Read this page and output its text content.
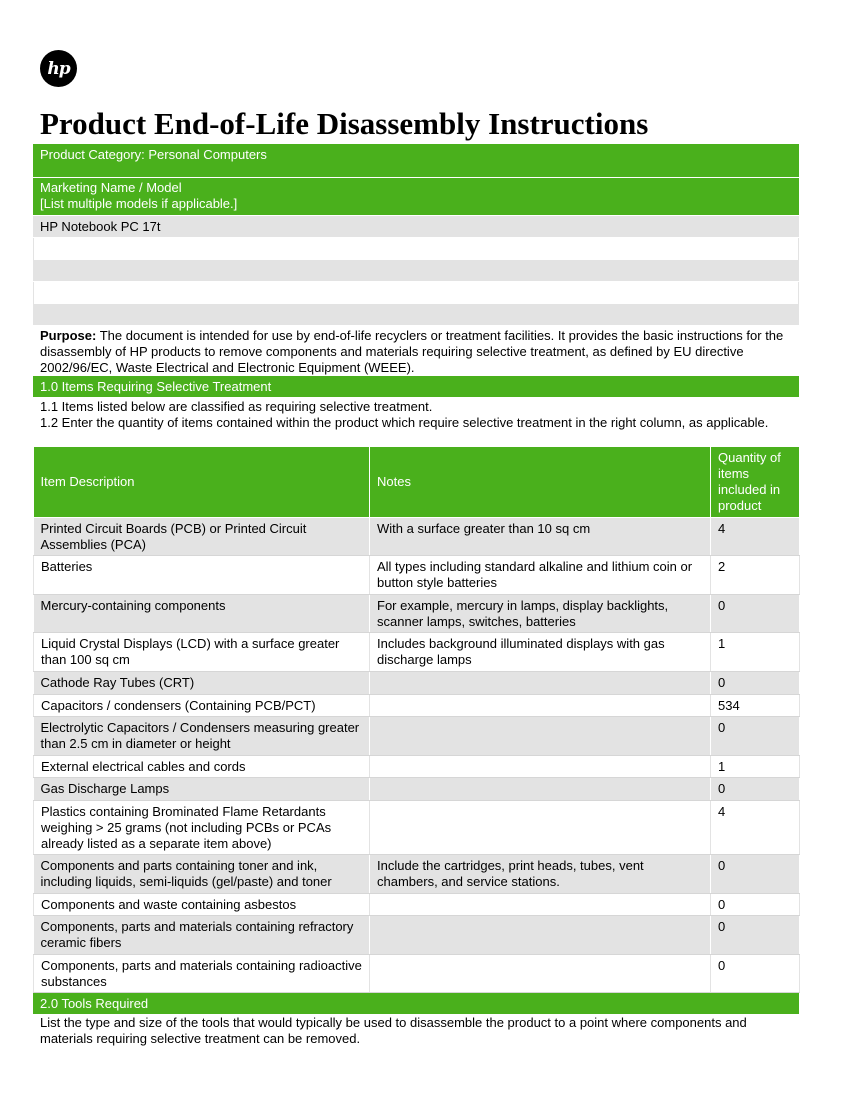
hp
Product End-of-Life Disassembly Instructions
Product Category: Personal Computers
Marketing Name / Model
[List multiple models if applicable.]
HP Notebook PC 17t
Purpose: The document is intended for use by end-of-life recyclers or treatment facilities. It provides the basic instructions for the disassembly of HP products to remove components and materials requiring selective treatment, as defined by EU directive 2002/96/EC, Waste Electrical and Electronic Equipment (WEEE).
1.0 Items Requiring Selective Treatment
1.1 Items listed below are classified as requiring selective treatment.
1.2 Enter the quantity of items contained within the product which require selective treatment in the right column, as applicable.
Item Description	Notes	Quantity of items included in product
Printed Circuit Boards (PCB) or Printed Circuit Assemblies (PCA)	With a surface greater than 10 sq cm	4
Batteries	All types including standard alkaline and lithium coin or button style batteries	2
Mercury-containing components	For example, mercury in lamps, display backlights, scanner lamps, switches, batteries	0
Liquid Crystal Displays (LCD) with a surface greater than 100 sq cm	Includes background illuminated displays with gas discharge lamps	1
Cathode Ray Tubes (CRT)		0
Capacitors / condensers (Containing PCB/PCT)		534
Electrolytic Capacitors / Condensers measuring greater than 2.5 cm in diameter or height		0
External electrical cables and cords		1
Gas Discharge Lamps		0
Plastics containing Brominated Flame Retardants weighing > 25 grams (not including PCBs or PCAs already listed as a separate item above)		4
Components and parts containing toner and ink, including liquids, semi-liquids (gel/paste) and toner	Include the cartridges, print heads, tubes, vent chambers, and service stations.	0
Components and waste containing asbestos		0
Components, parts and materials containing refractory ceramic fibers		0
Components, parts and materials containing radioactive substances		0
2.0 Tools Required
List the type and size of the tools that would typically be used to disassemble the product to a point where components and materials requiring selective treatment can be removed.
